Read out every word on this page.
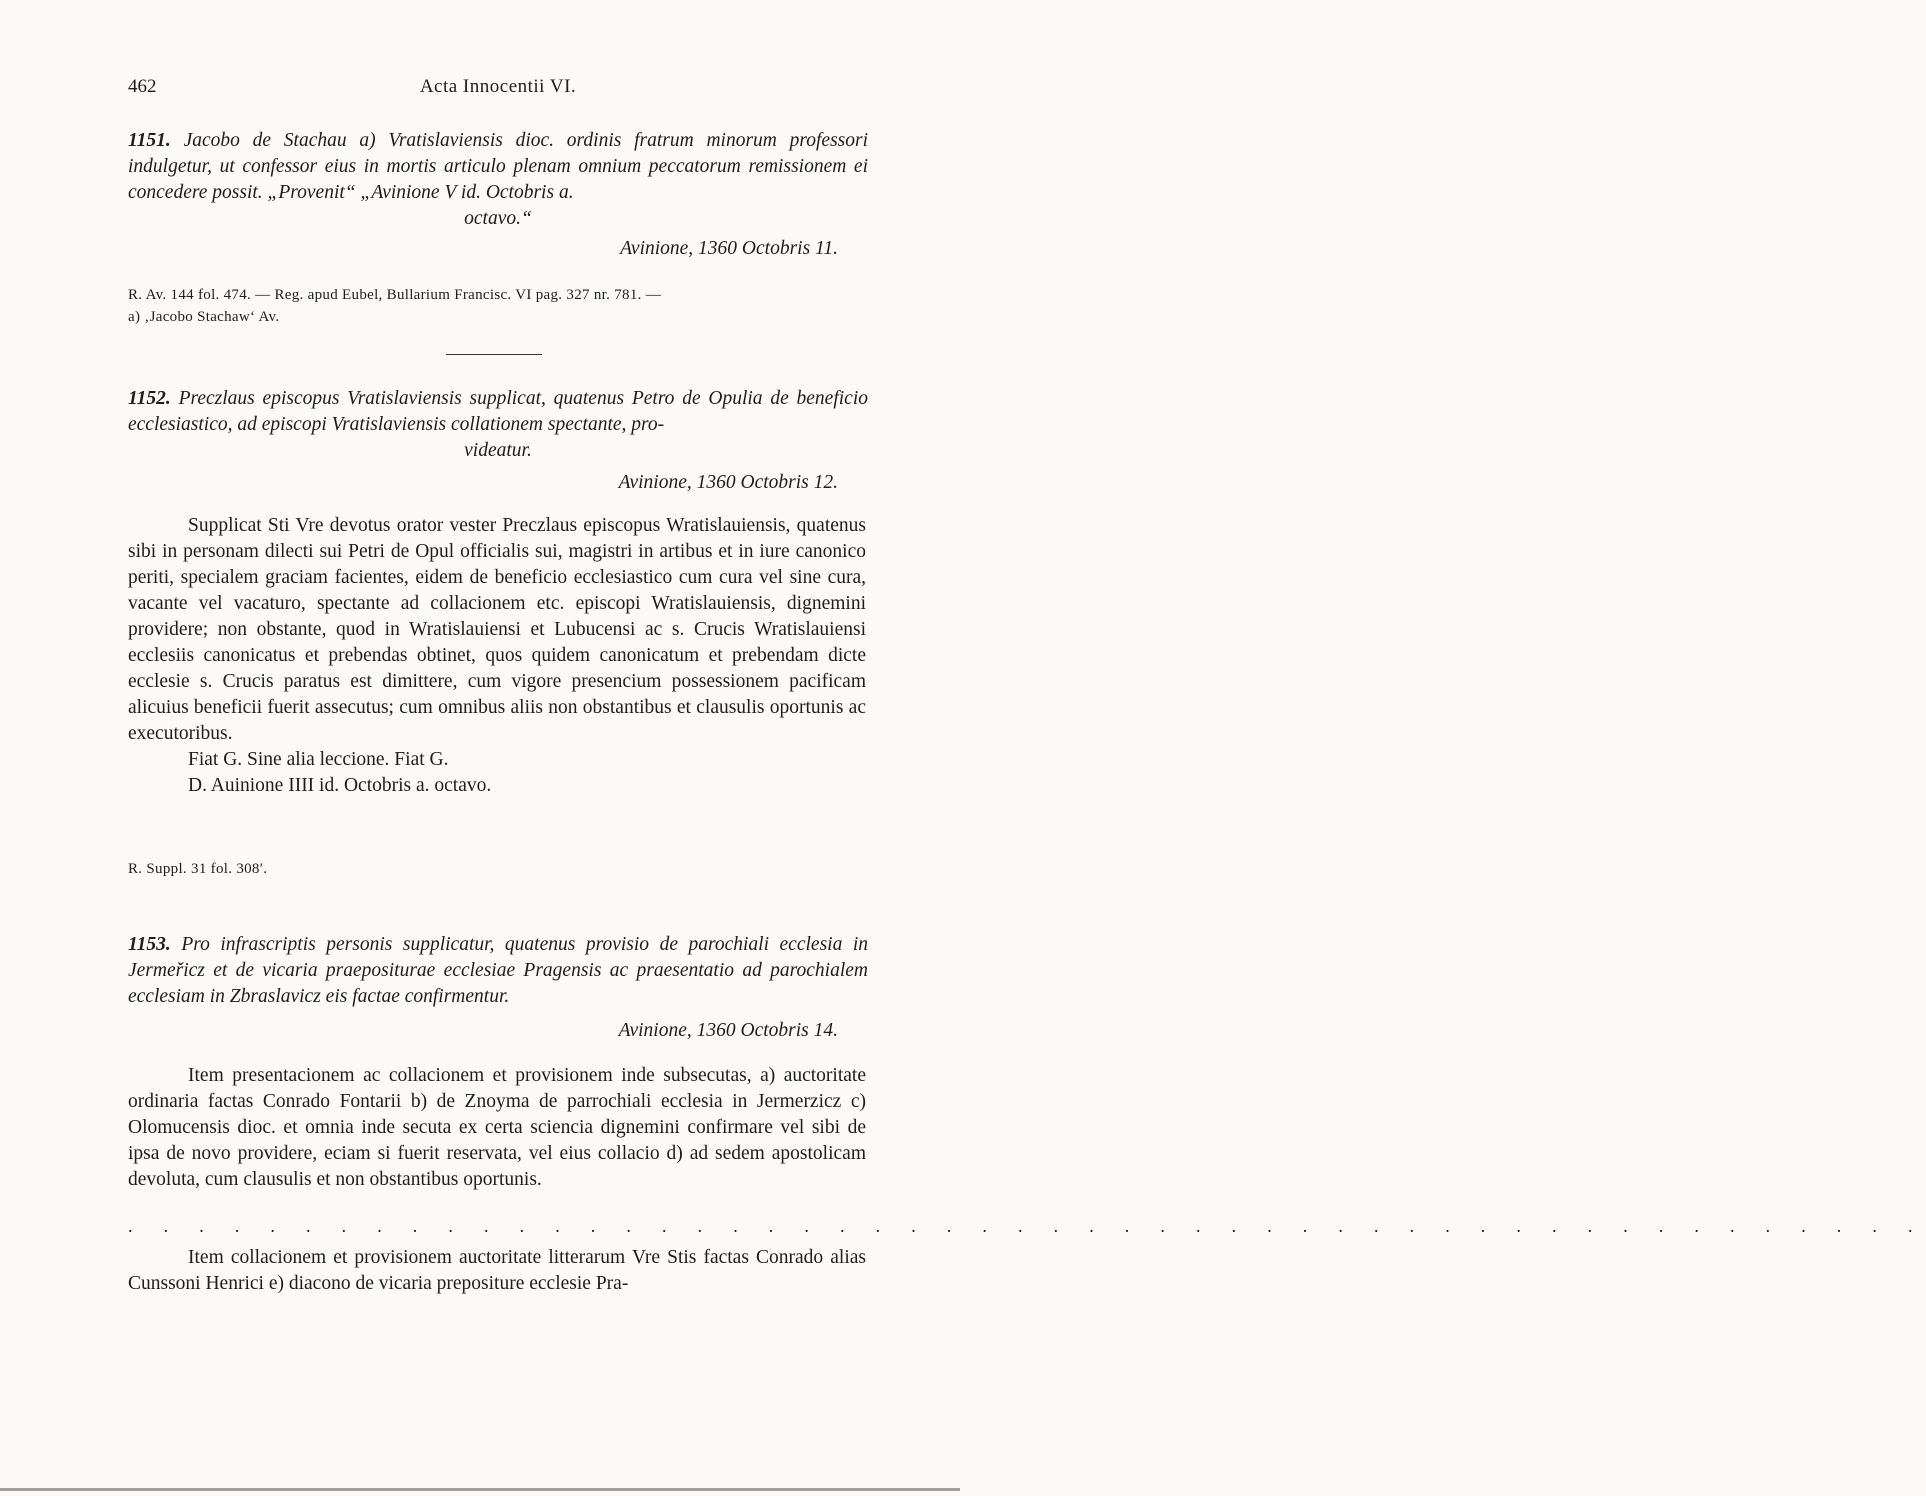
462	Acta Innocentii VI.
1151. Jacobo de Stachau a) Vratislaviensis dioc. ordinis fratrum minorum professori indulgetur, ut confessor eius in mortis articulo plenam omnium peccatorum remissionem ei concedere possit. „Provenit“ „Avinione V id. Octobris a.
octavo.“
Avinione, 1360 Octobris 11.
R. Av. 144 fol. 474. — Reg. apud Eubel, Bullarium Francisc. VI pag. 327 nr. 781. —
a) ‚Jacobo Stachaw‘ Av.
1152. Preczlaus episcopus Vratislaviensis supplicat, quatenus Petro de Opulia de beneficio ecclesiastico, ad episcopi Vratislaviensis collationem spectante, pro-
videatur.
Avinione, 1360 Octobris 12.

Supplicat Sti Vre devotus orator vester Preczlaus episcopus Wratislauiensis, quatenus sibi in personam dilecti sui Petri de Opul officialis sui, magistri in artibus et in iure canonico periti, specialem graciam facientes, eidem de beneficio ecclesiastico cum cura vel sine cura, vacante vel vacaturo, spectante ad collacionem etc. episcopi Wratislauiensis, dignemini providere; non obstante, quod in Wratislauiensi et Lubucensi ac s. Crucis Wratislauiensi ecclesiis canonicatus et prebendas obtinet, quos quidem canonicatum et prebendam dicte ecclesie s. Crucis paratus est dimittere, cum vigore presencium possessionem pacificam alicuius beneficii fuerit assecutus; cum omnibus aliis non obstantibus et clausulis oportunis ac executoribus.

Fiat G. Sine alia leccione. Fiat G.

D. Auinione IIII id. Octobris a. octavo.

R. Suppl. 31 fol. 308′.
1153. Pro infrascriptis personis supplicatur, quatenus provisio de parochiali ecclesia in Jermeřicz et de vicaria praepositurae ecclesiae Pragensis ac praesentatio ad parochialem ecclesiam in Zbraslavicz eis factae confirmentur.
Avinione, 1360 Octobris 14.

Item presentacionem ac collacionem et provisionem inde subsecutas, a) auctoritate ordinaria factas Conrado Fontarii b) de Znoyma de parrochiali ecclesia in Jermerzicz c) Olomucensis dioc. et omnia inde secuta ex certa sciencia dignemini confirmare vel sibi de ipsa de novo providere, eciam si fuerit reservata, vel eius collacio d) ad sedem apostolicam devoluta, cum clausulis et non obstantibus oportunis.

. . . . . . . . . . . . . . . . . . . . . . . . . . . . . . . . . . . . . . . . . . . . . . . . . . .

Item collacionem et provisionem auctoritate litterarum Vre Stis factas Conrado alias Cunssoni Henrici e) diacono de vicaria prepositure ecclesie Pra-
